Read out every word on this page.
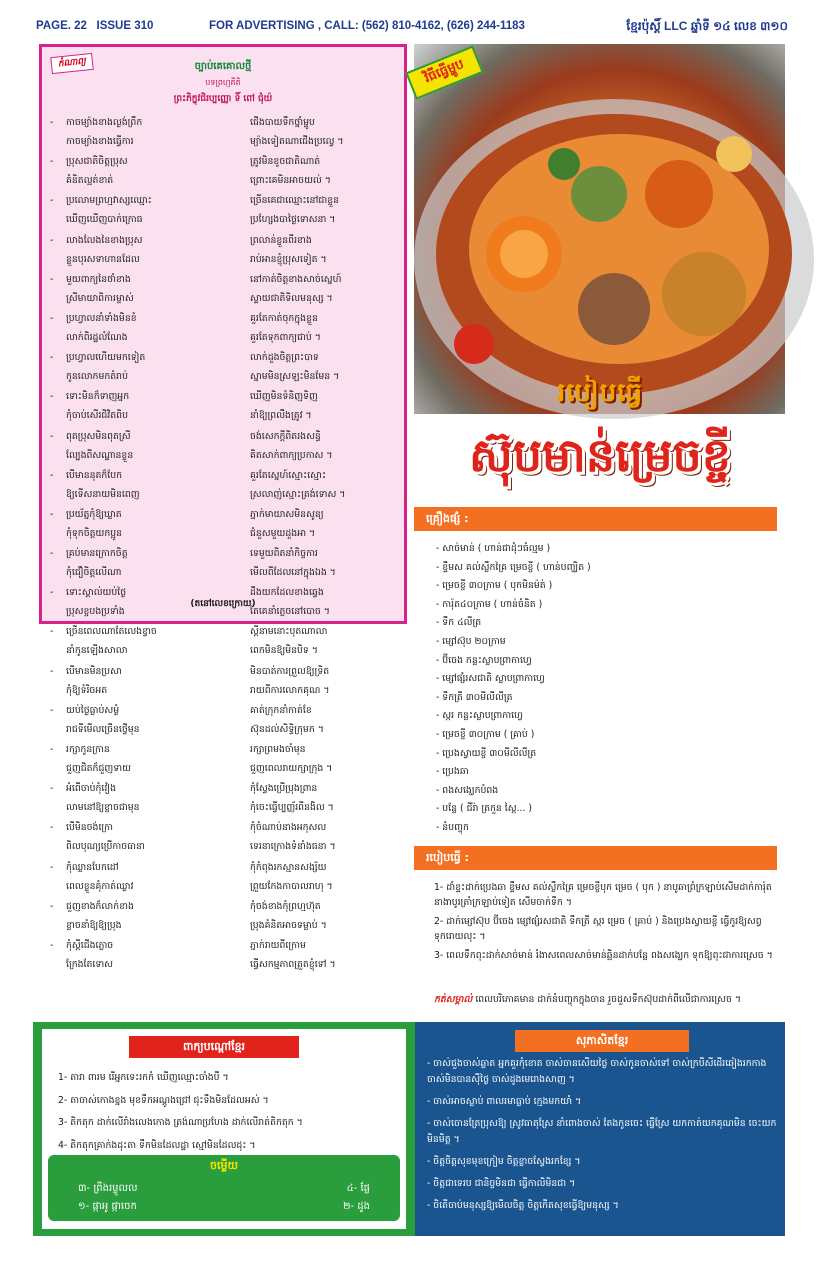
PAGE. 22 ISSUE 310	FOR ADVERTISING , CALL: (562) 810-4162, (626) 244-1183	ខ្មែរប៉ុស្តិ៍ LLC ឆ្នាំទី ១៤ លេខ ៣១០
កំណាព្យ	ច្បាប់គេគោលថ្មី
បទព្រហ្មគីតិ
ព្រះភិក្ខុវជិរប្បញ្ញោ ទិ៍ ពៅ ជុំយ៉
- កាចម្យ៉ាងខាងល្ងង់ព្រឹក
កាចម្យ៉ាងខាងធ្វើការ
ជើងបាយទឹកថ្នាំម្ហូប
ម្យ៉ាងទៀតណាជើងប្រល្វេ ។
- ប្រុសជាតិចិត្តប្រុស
គំនិតល្អត់ខាត់
ត្រូវមិនខូចជាតិណាត់
ព្រោះគេមិនអាចយល់ ។
- ប្រលោមព្រហ្មវាស្សឈ្មោះ
ឃើញឃើញបាក់ក្រោធ
ច្រើនគេជាឈ្មោះនៅជាខ្លួន
ប្រហ្សែងបាថ្ងៃទោសនា ។
- លាងលែងនៃខាងប្រុស
ខ្លួនបុរសទាហានដែល
ព្រលាន់ខ្លួនពីរខាង
រាប់អានខ្ញុំប្រុសទៀត ។
- មួយពាក្យនៃថាំខាង
ស្រីមាយាពិការម្ចាស់
នៅកាត់ចិត្តខាងសាច់ស្នេហ៍
ស្ទាយជាតិទិលមនុស្ស ។
- ប្រហ្វាលនាំទាំងមិនខំ
លាក់ពិរដ្ឋលំណែង
គួរតែកាត់ចុកក្នុងខ្លួន
គួរតែទុកពាក្យជាប់ ។
- ប្រហ្វាលហើយមកទៀត
កូនលោកមកតំរាប់
លាក់ដួងចិត្តព្រះបាទ
ស្នាមមិនស្រឡះមិនមែន ។
- ទោះមិនក៏ទាញអ្នក
កុំចាប់សើរជិវិតពិប
ឃើញមិនទំនិញទិញ
នាំឱ្យព្រលឹងត្រូវ ។
- ពុតប្រុសមិនពុតស្រី
ល្បែងពីសណ្ឋានខ្លួន
ចង់សេកក្តីពិតរងសន្ធិ
គិតសាក់ពាក្យប្រកាស ។
- បើមាននុតក៏បែក
ឱ្យទើសនាយមិនពេញ
គួរតែស្នេហ៍ស្មោះស្មោះ
ស្រលាញ់ស្មោះត្រង់ទោស ។
- ប្រយ័ត្នកុំឱ្យឃ្លាត
កុំទុកចិត្តយកប្អូន
ភ្នាក់មាយាសមិនសូន្យ
ជំនួសមួយដួងអា ។
- គ្រប់មានក្រោកចិត្ត
កុំជឿចិត្តលើណា
ទេមួយពិតនាំកិច្ចការ
មើលពីដែលនៅក្នុងឯង ។
- ទោះស្គាល់យប់ថ្ងៃ
ប្រុសខ្ចបងប្រទាំង
ដឹងយកដែលខាងឆ្វេង
តែគេនាំភ្លេចនៅបោច ។
- ច្រើនពេលណាតែលេងខ្វាច
នាំកូនឡើងសាលា
ស្តីនាមនោះបុតណាលា
ពេកមិនឱ្យមិនបិទ ។
- បើមានមិនប្រសា
កុំឱ្យទំរិចអត
មិនបាត់ការព្រួលឱ្យទ្រិត
រាយពីការលោកគុណ ។
- យប់ថ្ងៃធ្លាប់សម្ងំ
រាជទីមើលច្រើនថ្វើមុន
គាត់ក្រុកនាំកាត់ខែ
ស៊ុនដល់សិទ្ធិក្រុមក ។
- រក្សាកូនក្រាន
ជួញជិតក៏ជួញទាយ
រក្សាព្រមងចាំមុន
ជួញពេលរាយក្សាក្រុង ។
- អំពើចាប់កុំវៀង
លាមនៅឱ្យខ្លាចជាមុន
កុំស្វែងប្រើប្រុងព្រាន
កុំចេះធ្វើប្បញ្ញ័រពីនងិល ។
- បើមិនចង់ក្រោ
ពិលបុណ្យប្រើកាចធានា
កុំចំណាប់នាងអកុសល
ទេរនាក្រោងទំនាំងធនា ។
- កុំឈ្លានបែកដៅ
ពេលខ្លួនគុំកាត់ឈ្ងាវ
កុំកំពុងរកស្មានសង្ស័យ
ព្រួយកែងកាបាលរាហុ ។
- ជួញខាងក៏លាក់ខាង
ខ្លាចនាំឱ្យឱ្យប្រុង
កុំចង់ខាងកុំព្រហ្មហ៊ុត
ប្រុងគំនិតអាចទម្លាប់ ។
- កុំស្តីជើងភ្លោច
ក្រែងតែទោស
ភ្នាក់រាយពីក្រោម
ធ្វើសកម្មភាពត្រួតខ្ញុំទៅ ។
(តនៅលេខក្រោយ)
វិធីធ្វើម្ហូប
របៀបធ្វើ
ស៊ុបមាន់ម្រេចខ្ចី
គ្រឿងផ្សំ :
- សាច់មាន់ ( ហាន់ជាដុំៗធំល្មម )
- ខ្ទឹមស គល់ស្លឹកគ្រៃ ម្រេចខ្ចី ( ហាន់បញ្ឈិត )
- ម្រេចខ្ចី ៣០ក្រាម ( បុកមិនម៉ត់ )
- ការ៉ុត៤០ក្រាម ( ហាន់ចំនិត )
- ទឹក ៤លីត្រ
- ម្សៅស៊ុប ២០ក្រាម
- ប៊ីចេង កន្លះស្លាបព្រាកាហ្វេ
- ម្សៅផ្សំរសជាតិ ស្លាបព្រាកាហ្វេ
- ទឹកត្រី ៣០មីលីលីត្រ
- ស្ករ កន្លះស្លាបព្រាកាហ្វេ
- ម្រេចខ្ចី ៣០ក្រាម ( គ្រាប់ )
- ប្រេងស្វាយខ្ចី ៣០មីលីលីត្រ
- ប្រេងឆា
- ពងសង្ឃេកបំពង
- បន្លែ ( ជីរ៉ា ត្រកួន ស្ពៃ... )
- នំបញ្ចុក
របៀបធ្វើ :
1- ដាំខ្ទះដាក់ប្រេងឆា ខ្ទឹមស គល់ស្លឹកគ្រៃ ម្រេចខ្ចីបុក ម្រេច ( បុក ) នាបូឆាព្រំក្រឡាប់សើមដាក់ការ៉ុត នាងាបូរត្រាំក្រឡាប់ទៀត សើមចាក់ទឹក ។
2- ដាក់ម្សៅស៊ុប ប៊ីចេង ម្សៅផ្សំរសជាតិ ទឹកត្រី ស្ករ ម្រេច ( គ្រាប់ ) និងប្រេងស្វាយខ្ចី ធ្វើកូរឱ្យសព្វទុករោយលុះ ។
3- ពេលទឹកពុះដាក់សាច់មាន់ រំងាសពេលសាច់មាន់ឆ្អិនដាក់បន្លែ ពងសង្ឃេក ទុកឱ្យពុះជាការស្រេច ។
កត់សម្គាល់ ពេលបរិភោគមាន ដាក់នំបញ្ចុកក្នុងចាន រួចដួសទឹកស៊ុបដាក់ពីលើជាការស្រេច ។
ពាក្យបណ្តៅខ្មែរ
1- តារា ពារម រើអ្នកទេះរកកំ ឃើញឈ្មោះចាំងបឺ ។
2- តាចាស់កោងខ្នង មុខទឹកអណ្តូងជ្រៅ ជុះទឹងមិនដែលអស់ ។
3- តិកតុក ដាក់លើរាំងលេងកោង ត្រង់ណាប្រហែង ដាក់លើរាត់តិកតុក ។
4- តិកតុកគ្រាក់ងដុះតា ទឹកមិនដែលដ្ឋា ស្មៅមិនដែលដុះ ។
ចម្លើយ
៣- ព្រីងរម្លូលល	៤- ផ្លែ
១- ផ្កាអូ ផ្កាចេក	២- ដូង
សុភាសិតខ្មែរ
- ចាស់ជួងចាស់ឆ្លាត អ្នកគួរកុំខោត ចាស់ចានសើយថ្ងៃ ចាស់កូនចាស់ទៅ ចាស់ក្របីសីដើរឆៀងរកកាង ចាស់មិនបានស៊ីថ្ងៃ ចាស់ដូងមេរោងសាញ ។
- ចាស់អាចស្លាប់ ពាលរមាធ្លាប់ ក្មេងមកយាំ ។
- ចាស់ចោនត្រែប្រុសឱ្យ ស្រូវធាតុស្រែ នាំពោងចាស់ តែងកូនចេះ ធ្វើស្រែ យកកាត់យកគុណមិន ចេះយកមិនមិត្ត ។
- ចិត្តចិត្តសុខមុខក្រៀម ចិត្តខ្លាចស្វែងរកខ្សែ ។
- ចិត្តជាទេរប ជានិច្ចមិនជា ធ្វើកាលិមិនជា ។
- ចិតើចាប់មនុស្សឱ្យមើលចិត្ត ចិត្តកើតសុខធ្វើឱ្យមនុស្ស ។
